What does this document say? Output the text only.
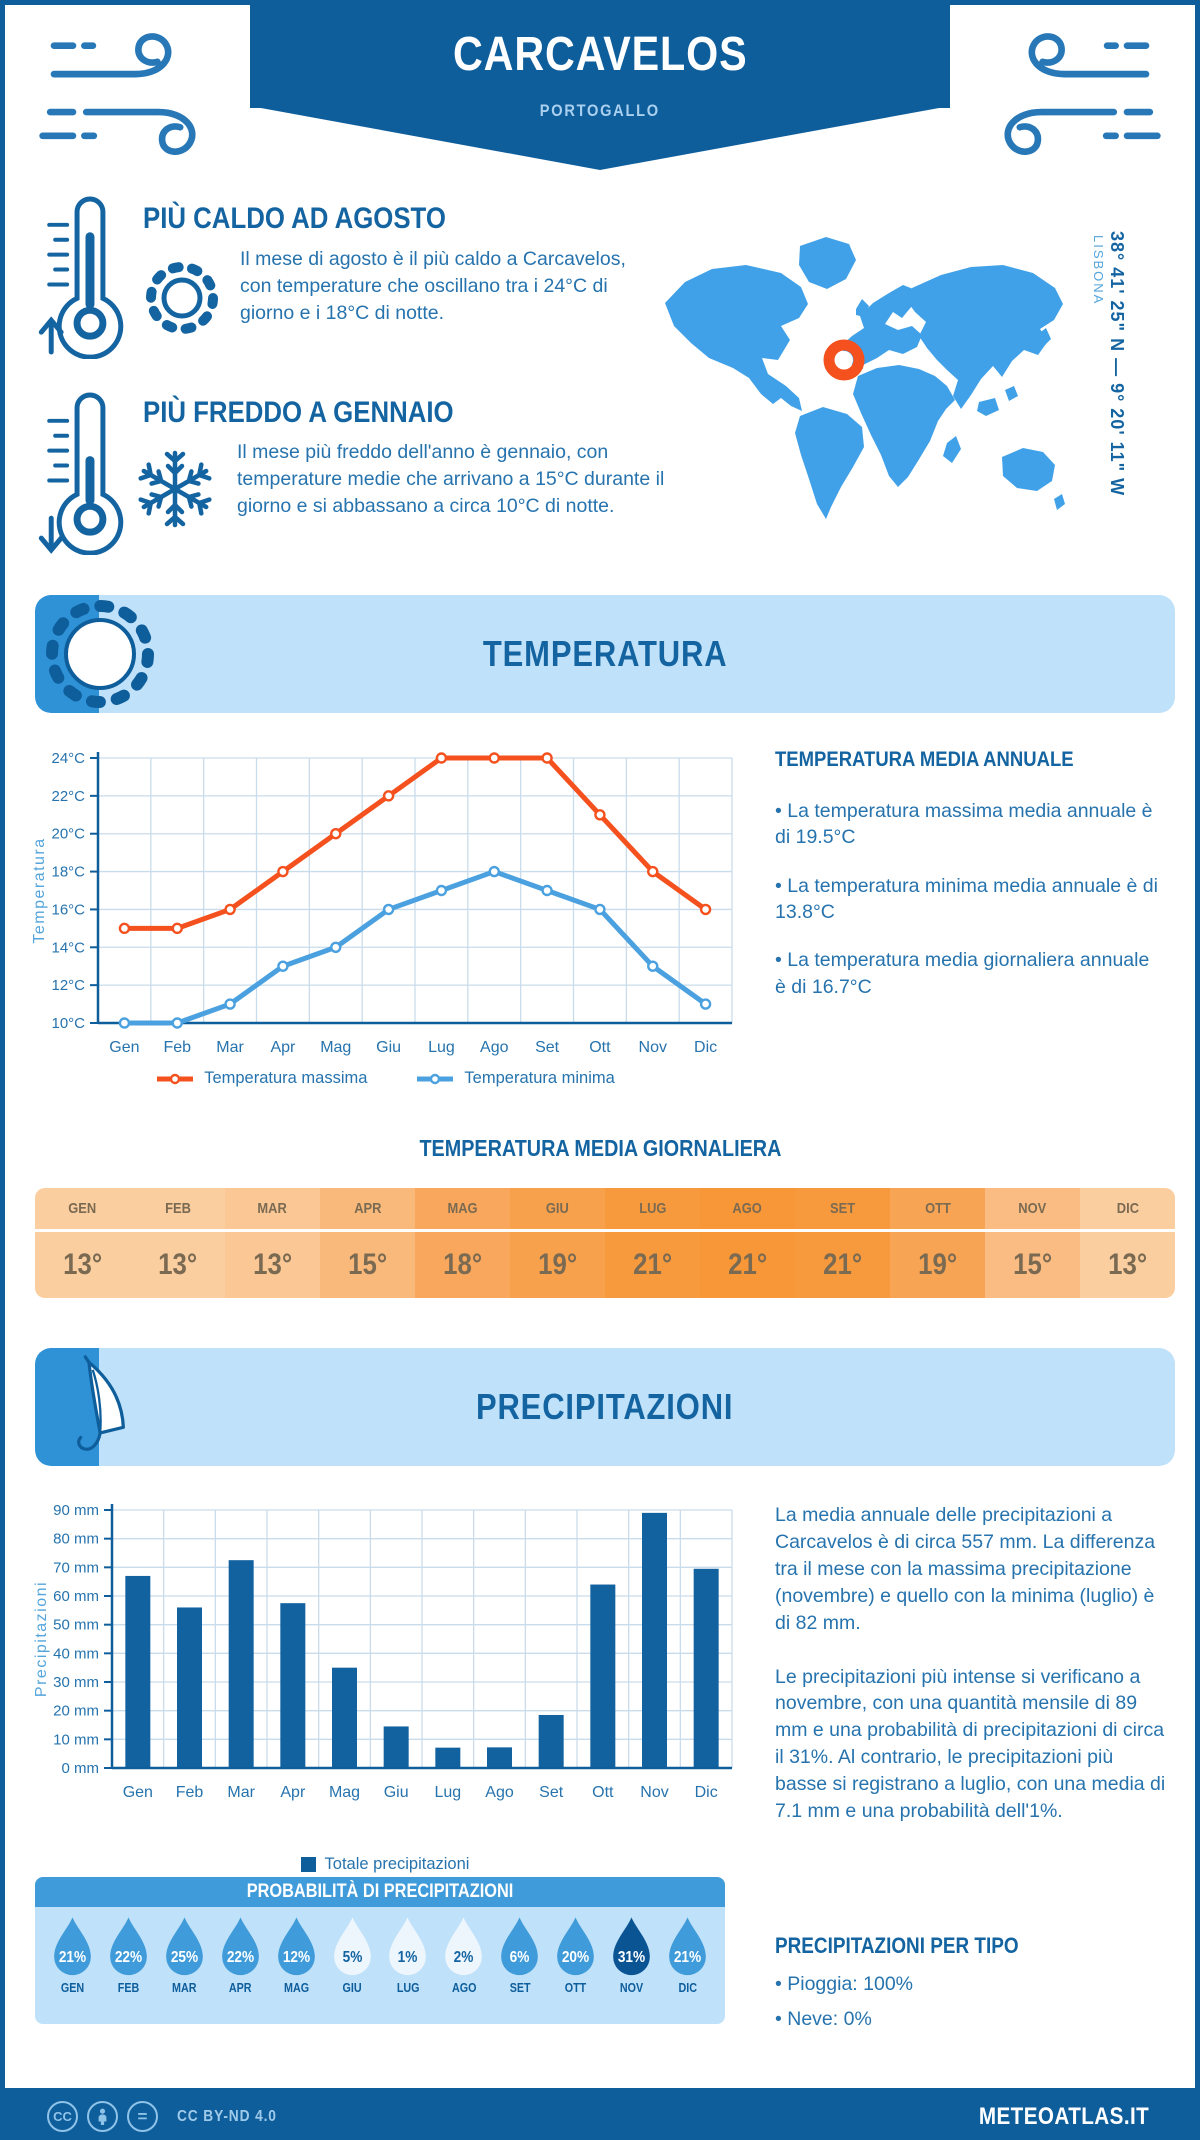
CARCAVELOS
PORTOGALLO
PIÙ CALDO AD AGOSTO
Il mese di agosto è il più caldo a Carcavelos, con temperature che oscillano tra i 24°C di giorno e i 18°C di notte.
PIÙ FREDDO A GENNAIO
Il mese più freddo dell'anno è gennaio, con temperature medie che arrivano a 15°C durante il giorno e si abbassano a circa 10°C di notte.
38° 41' 25" N — 9° 20' 11" W
LISBONA
TEMPERATURA
10°C
12°C
14°C
16°C
18°C
20°C
22°C
24°C
Gen Feb Mar Apr Mag Giu Lug Ago Set Ott Nov Dic
Temperatura
TEMPERATURA MEDIA ANNUALE
• La temperatura massima media annuale è di 19.5°C
• La temperatura minima media annuale è di 13.8°C
• La temperatura media giornaliera annuale è di 16.7°C
Temperatura massima	Temperatura minima
TEMPERATURA MEDIA GIORNALIERA
GEN
13°
FEB
13°
MAR
13°
APR
15°
MAG
18°
GIU
19°
LUG
21°
AGO
21°
SET
21°
OTT
19°
NOV
15°
DIC
13°
PRECIPITAZIONI
0 mm
10 mm
20 mm
30 mm
40 mm
50 mm
60 mm
70 mm
80 mm
90 mm
Gen Feb Mar Apr Mag Giu Lug Ago Set Ott Nov Dic
Precipitazioni
La media annuale delle precipitazioni a Carcavelos è di circa 557 mm. La differenza tra il mese con la massima precipitazione (novembre) e quello con la minima (luglio) è di 82 mm.
Le precipitazioni più intense si verificano a novembre, con una quantità mensile di 89 mm e una probabilità di precipitazioni di circa il 31%. Al contrario, le precipitazioni più basse si registrano a luglio, con una media di 7.1 mm e una probabilità dell'1%.
Totale precipitazioni
PROBABILITÀ DI PRECIPITAZIONI
21%
GEN
22%
FEB
25%
MAR
22%
APR
12%
MAG
5%
GIU
1%
LUG
2%
AGO
6%
SET
20%
OTT
31%
NOV
21%
DIC
PRECIPITAZIONI PER TIPO
• Pioggia: 100%
• Neve: 0%
CC	=	CC BY-ND 4.0	METEOATLAS.IT
